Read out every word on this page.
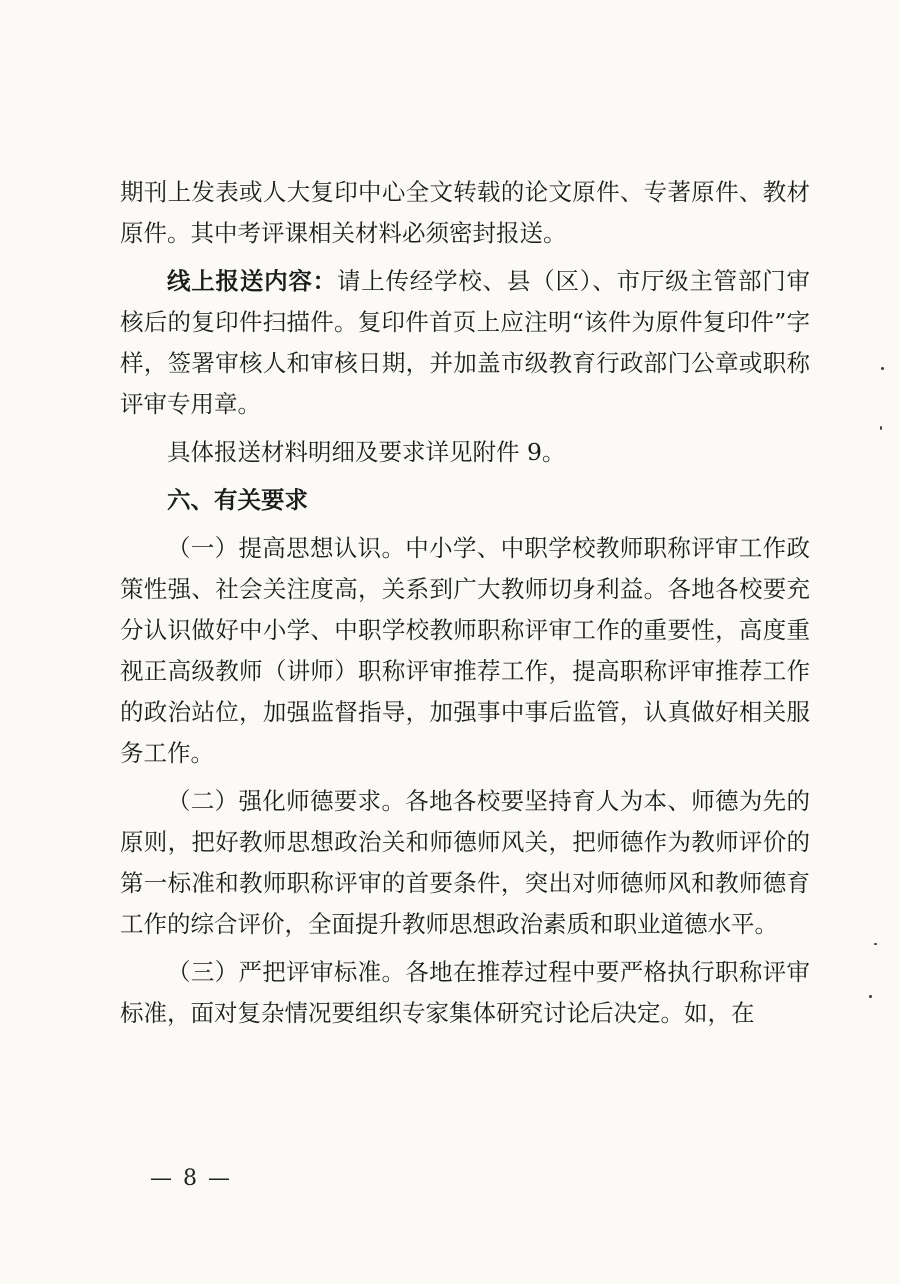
期刊上发表或人大复印中心全文转载的论文原件、专著原件、教材原件。其中考评课相关材料必须密封报送。

线上报送内容：请上传经学校、县（区）、市厅级主管部门审核后的复印件扫描件。复印件首页上应注明“该件为原件复印件”字样，签署审核人和审核日期，并加盖市级教育行政部门公章或职称评审专用章。

具体报送材料明细及要求详见附件 9。

六、有关要求

（一）提高思想认识。中小学、中职学校教师职称评审工作政策性强、社会关注度高，关系到广大教师切身利益。各地各校要充分认识做好中小学、中职学校教师职称评审工作的重要性，高度重视正高级教师（讲师）职称评审推荐工作，提高职称评审推荐工作的政治站位，加强监督指导，加强事中事后监管，认真做好相关服务工作。

（二）强化师德要求。各地各校要坚持育人为本、师德为先的原则，把好教师思想政治关和师德师风关，把师德作为教师评价的第一标准和教师职称评审的首要条件，突出对师德师风和教师德育工作的综合评价，全面提升教师思想政治素质和职业道德水平。

（三）严把评审标准。各地在推荐过程中要严格执行职称评审标准，面对复杂情况要组织专家集体研究讨论后决定。如，在

— 8 —
